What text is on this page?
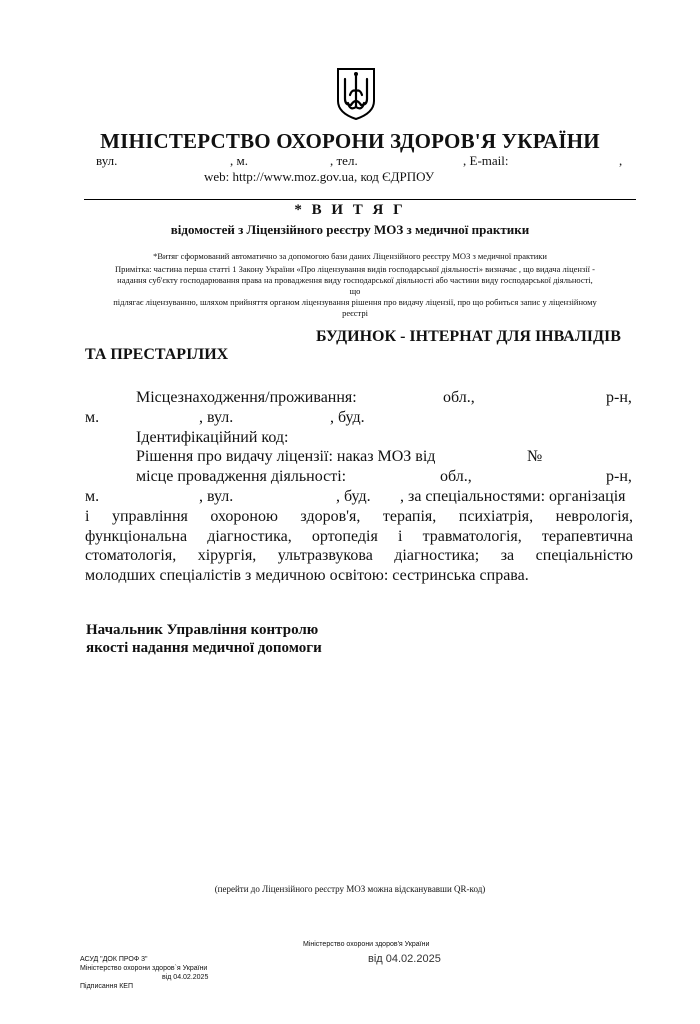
МІНІСТЕРСТВО ОХОРОНИ ЗДОРОВ'Я УКРАЇНИ
вул.	, м.	, тел.	, E-mail:	,
web: http://www.moz.gov.ua, код ЄДРПОУ
* В И Т Я Г
відомостей з Ліцензійного реєстру МОЗ з медичної практики
*Витяг сформований автоматично за допомогою бази даних Ліцензійного реєстру МОЗ з медичної практики
Примітка: частина перша статті 1 Закону України «Про ліцензування видів господарської діяльності» визначає , що видача ліцензії -
надання суб'єкту господарювання права на провадження виду господарської діяльності або частини виду господарської діяльності, що
підлягає ліцензуванню, шляхом прийняття органом ліцензування рішення про видачу ліцензії, про що робиться запис у ліцензійному
реєстрі
БУДИНОК - ІНТЕРНАТ ДЛЯ ІНВАЛІДІВ
ТА ПРЕСТАРІЛИХ
Місцезнаходження/проживання:	обл.,	р-н,
м.	, вул.	, буд.
Ідентифікаційний код:
Рішення про видачу ліцензії: наказ МОЗ від	№
місце провадження діяльності:	обл.,	р-н,
м.	, вул.	, буд. , за спеціальностями: організація
і управління охороною здоров'я, терапія, психіатрія, неврологія,
функціональна діагностика, ортопедія і травматологія, терапевтична
стоматологія, хірургія, ультразвукова діагностика; за спеціальністю
молодших спеціалістів з медичною освітою: сестринська справа.
Начальник Управління контролю
якості надання медичної допомоги
(перейти до Ліцензійного реєстру МОЗ можна відсканувавши QR-код)
Міністерство охорони здоров'я України
від 04.02.2025
АСУД "ДОК ПРОФ 3"
Міністерство охорони здоров`я України
від 04.02.2025
Підписання КЕП
